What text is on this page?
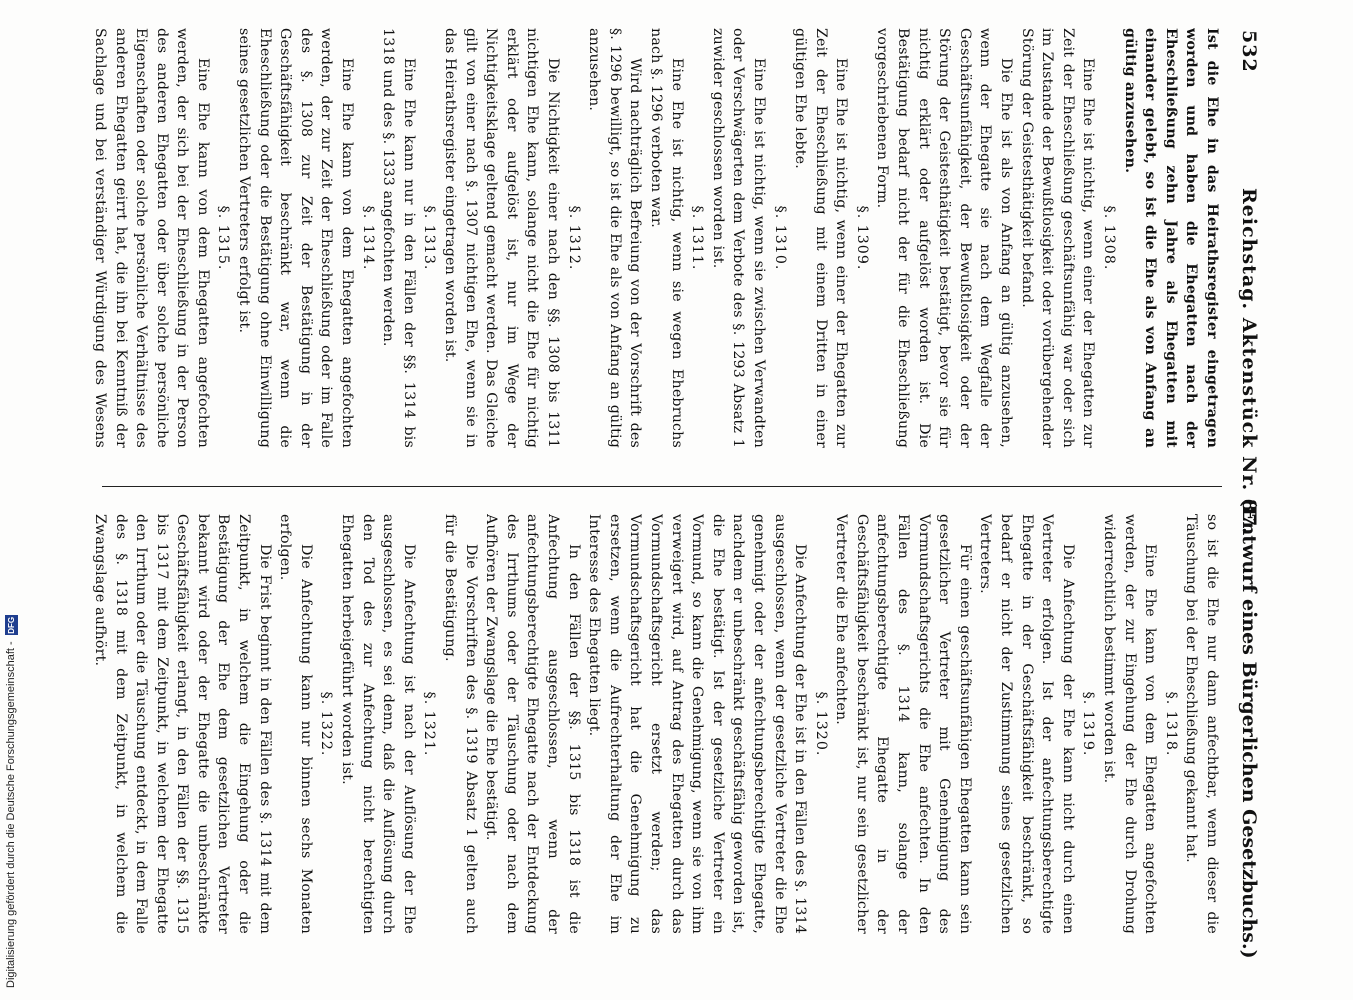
532
Reichstag. Aktenstück Nr. 87.
(Entwurf eines Bürgerlichen Gesetzbuchs.)

Ist die Ehe in das Heirathsregister eingetragen worden und haben die Ehegatten nach der Eheschließung zehn Jahre als Ehegatten mit einander gelebt, so ist die Ehe als von Anfang an gültig anzusehen.

§. 1308.

Eine Ehe ist nichtig, wenn einer der Ehegatten zur Zeit der Eheschließung geschäftsunfähig war oder sich im Zustande der Bewußtlosigkeit oder vorübergehender Störung der Geistesthätigkeit befand.

Die Ehe ist als von Anfang an gültig anzusehen, wenn der Ehegatte sie nach dem Wegfalle der Geschäftsunfähigkeit, der Bewußtlosigkeit oder der Störung der Geistesthätigkeit bestätigt, bevor sie für nichtig erklärt oder aufgelöst worden ist. Die Bestätigung bedarf nicht der für die Eheschließung vorgeschriebenen Form.

§. 1309.

Eine Ehe ist nichtig, wenn einer der Ehegatten zur Zeit der Eheschließung mit einem Dritten in einer gültigen Ehe lebte.

§. 1310.

Eine Ehe ist nichtig, wenn sie zwischen Verwandten oder Verschwägerten dem Verbote des §. 1293 Absatz 1 zuwider geschlossen worden ist.

§. 1311.

Eine Ehe ist nichtig, wenn sie wegen Ehebruchs nach §. 1296 verboten war.

Wird nachträglich Befreiung von der Vorschrift des §. 1296 bewilligt, so ist die Ehe als von Anfang an gültig anzusehen.

§. 1312.

Die Nichtigkeit einer nach den §§. 1308 bis 1311 nichtigen Ehe kann, solange nicht die Ehe für nichtig erklärt oder aufgelöst ist, nur im Wege der Nichtigkeitsklage geltend gemacht werden. Das Gleiche gilt von einer nach §. 1307 nichtigen Ehe, wenn sie in das Heirathsregister eingetragen worden ist.

§. 1313.

Eine Ehe kann nur in den Fällen der §§. 1314 bis 1318 und des §. 1333 angefochten werden.

§. 1314.

Eine Ehe kann von dem Ehegatten angefochten werden, der zur Zeit der Eheschließung oder im Falle des §. 1308 zur Zeit der Bestätigung in der Geschäftsfähigkeit beschränkt war, wenn die Eheschließung oder die Bestätigung ohne Einwilligung seines gesetzlichen Vertreters erfolgt ist.

§. 1315.

Eine Ehe kann von dem Ehegatten angefochten werden, der sich bei der Eheschließung in der Person des anderen Ehegatten oder über solche persönliche Eigenschaften oder solche persönliche Verhältnisse des anderen Ehegatten geirrt hat, die ihn bei Kenntniß der Sachlage und bei verständiger Würdigung des Wesens

so ist die Ehe nur dann anfechtbar, wenn dieser die Täuschung bei der Eheschließung gekannt hat.

§. 1318.

Eine Ehe kann von dem Ehegatten angefochten werden, der zur Eingehung der Ehe durch Drohung widerrechtlich bestimmt worden ist.

§. 1319.

Die Anfechtung der Ehe kann nicht durch einen Vertreter erfolgen. Ist der anfechtungsberechtigte Ehegatte in der Geschäftsfähigkeit beschränkt, so bedarf er nicht der Zustimmung seines gesetzlichen Vertreters.

Für einen geschäftsunfähigen Ehegatten kann sein gesetzlicher Vertreter mit Genehmigung des Vormundschaftsgerichts die Ehe anfechten. In den Fällen des §. 1314 kann, solange der anfechtungsberechtigte Ehegatte in der Geschäftsfähigkeit beschränkt ist, nur sein gesetzlicher Vertreter die Ehe anfechten.

§. 1320.

Die Anfechtung der Ehe ist in den Fällen des §. 1314 ausgeschlossen, wenn der gesetzliche Vertreter die Ehe genehmigt oder der anfechtungsberechtigte Ehegatte, nachdem er unbeschränkt geschäftsfähig geworden ist, die Ehe bestätigt. Ist der gesetzliche Vertreter ein Vormund, so kann die Genehmigung, wenn sie von ihm verweigert wird, auf Antrag des Ehegatten durch das Vormundschaftsgericht ersetzt werden; das Vormundschaftsgericht hat die Genehmigung zu ersetzen, wenn die Aufrechterhaltung der Ehe im Interesse des Ehegatten liegt.

In den Fällen der §§. 1315 bis 1318 ist die Anfechtung ausgeschlossen, wenn der anfechtungsberechtigte Ehegatte nach der Entdeckung des Irrthums oder der Täuschung oder nach dem Aufhören der Zwangslage die Ehe bestätigt.

Die Vorschriften des §. 1319 Absatz 1 gelten auch für die Bestätigung.

§. 1321.

Die Anfechtung ist nach der Auflösung der Ehe ausgeschlossen, es sei denn, daß die Auflösung durch den Tod des zur Anfechtung nicht berechtigten Ehegatten herbeigeführt worden ist.

§. 1322.

Die Anfechtung kann nur binnen sechs Monaten erfolgen.

Die Frist beginnt in den Fällen des §. 1314 mit dem Zeitpunkt, in welchem die Eingehung oder die Bestätigung der Ehe dem gesetzlichen Vertreter bekannt wird oder der Ehegatte die unbeschränkte Geschäftsfähigkeit erlangt, in den Fällen der §§. 1315 bis 1317 mit dem Zeitpunkt, in welchem der Ehegatte den Irrthum oder die Täuschung entdeckt, in dem Falle des §. 1318 mit dem Zeitpunkt, in welchem die Zwangslage aufhört.

Digitalisierung gefördert durch die Deutsche Forschungsgemeinschaft -
DFG
